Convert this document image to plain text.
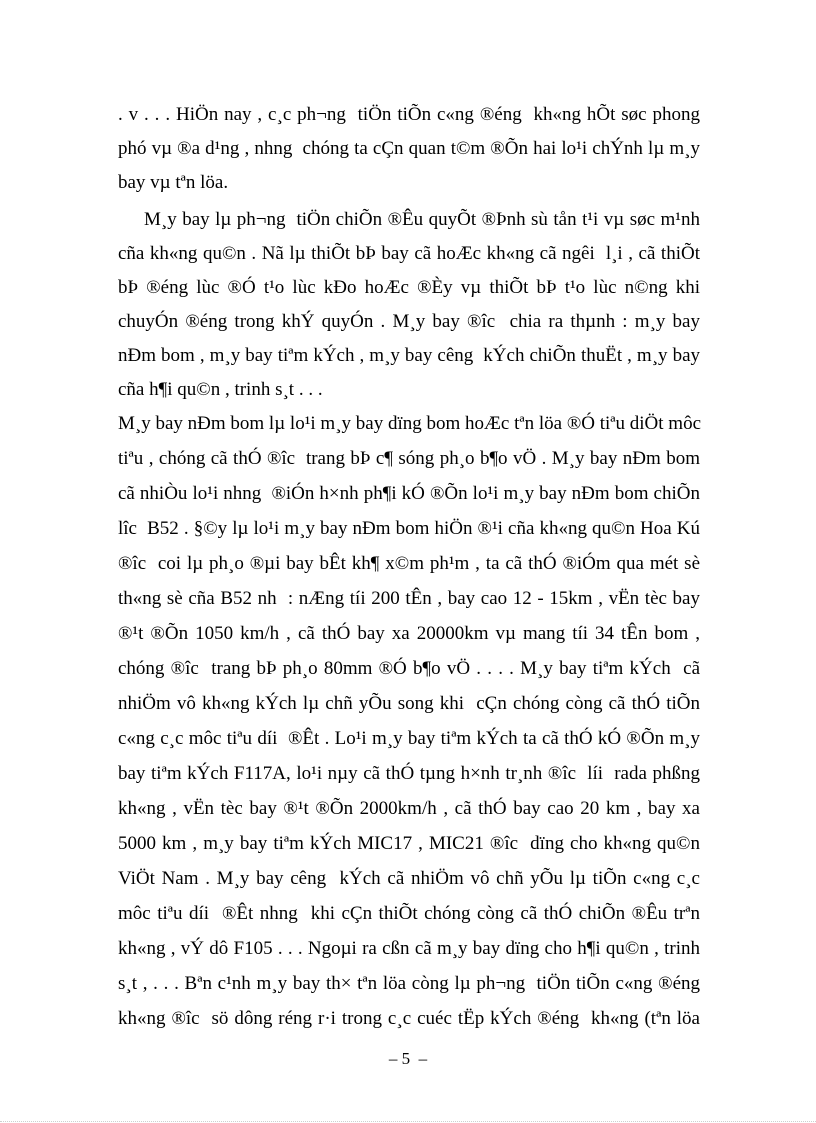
. v . . . HiÖn nay , c¸c ph¬ng  tiÖn tiÕn c«ng ®éng  kh«ng hÕt søc phong
phó vµ ®a d¹ng , nhng  chóng ta cÇn quan t©m ®Õn hai lo¹i chÝnh lµ m¸y
bay vµ tªn löa.
M¸y bay lµ ph¬ng  tiÖn chiÕn ®Êu quyÕt ®Þnh sù tån t¹i vµ søc m¹nh
cña kh«ng qu©n . Nã lµ thiÕt bÞ bay cã hoÆc kh«ng cã ngêi  l¸i , cã thiÕt
bÞ ®éng lùc ®Ó t¹o lùc kÐo hoÆc ®Èy vµ thiÕt bÞ t¹o lùc n©ng khi
chuyÓn ®éng trong khÝ quyÓn . M¸y bay ®îc  chia ra thµnh : m¸y bay
nÐm bom , m¸y bay tiªm kÝch , m¸y bay cêng  kÝch chiÕn thuËt , m¸y bay
cña h¶i qu©n , trinh s¸t . . .
M¸y bay nÐm bom lµ lo¹i m¸y bay dïng bom hoÆc tªn löa ®Ó tiªu diÖt môc
tiªu , chóng cã thÓ ®îc  trang bÞ c¶ sóng ph¸o b¶o vÖ . M¸y bay nÐm bom
cã nhiÒu lo¹i nhng  ®iÓn h×nh ph¶i kÓ ®Õn lo¹i m¸y bay nÐm bom chiÕn
lîc  B52 . §©y lµ lo¹i m¸y bay nÐm bom hiÖn ®¹i cña kh«ng qu©n Hoa Kú
®îc  coi lµ ph¸o ®µi bay bÊt kh¶ x©m ph¹m , ta cã thÓ ®iÓm qua mét sè
th«ng sè cña B52 nh  : nÆng tíi 200 tÊn , bay cao 12 - 15km , vËn tèc bay
®¹t ®Õn 1050 km/h , cã thÓ bay xa 20000km vµ mang tíi 34 tÊn bom ,
chóng ®îc  trang bÞ ph¸o 80mm ®Ó b¶o vÖ . . . . M¸y bay tiªm kÝch  cã
nhiÖm vô kh«ng kÝch lµ chñ yÕu song khi  cÇn chóng còng cã thÓ tiÕn
c«ng c¸c môc tiªu díi  ®Êt . Lo¹i m¸y bay tiªm kÝch ta cã thÓ kÓ ®Õn m¸y
bay tiªm kÝch F117A, lo¹i nµy cã thÓ tµng h×nh tr¸nh ®îc  líi  rada phßng
kh«ng , vËn tèc bay ®¹t ®Õn 2000km/h , cã thÓ bay cao 20 km , bay xa
5000 km , m¸y bay tiªm kÝch MIC17 , MIC21 ®îc  dïng cho kh«ng qu©n
ViÖt Nam . M¸y bay cêng  kÝch cã nhiÖm vô chñ yÕu lµ tiÕn c«ng c¸c
môc tiªu díi  ®Êt nhng  khi cÇn thiÕt chóng còng cã thÓ chiÕn ®Êu trªn
kh«ng , vÝ dô F105 . . . Ngoµi ra cßn cã m¸y bay dïng cho h¶i qu©n , trinh
s¸t , . . . Bªn c¹nh m¸y bay th× tªn löa còng lµ ph¬ng  tiÖn tiÕn c«ng ®éng
kh«ng ®îc  sö dông réng r·i trong c¸c cuéc tËp kÝch ®éng  kh«ng (tªn löa
– 5  –
